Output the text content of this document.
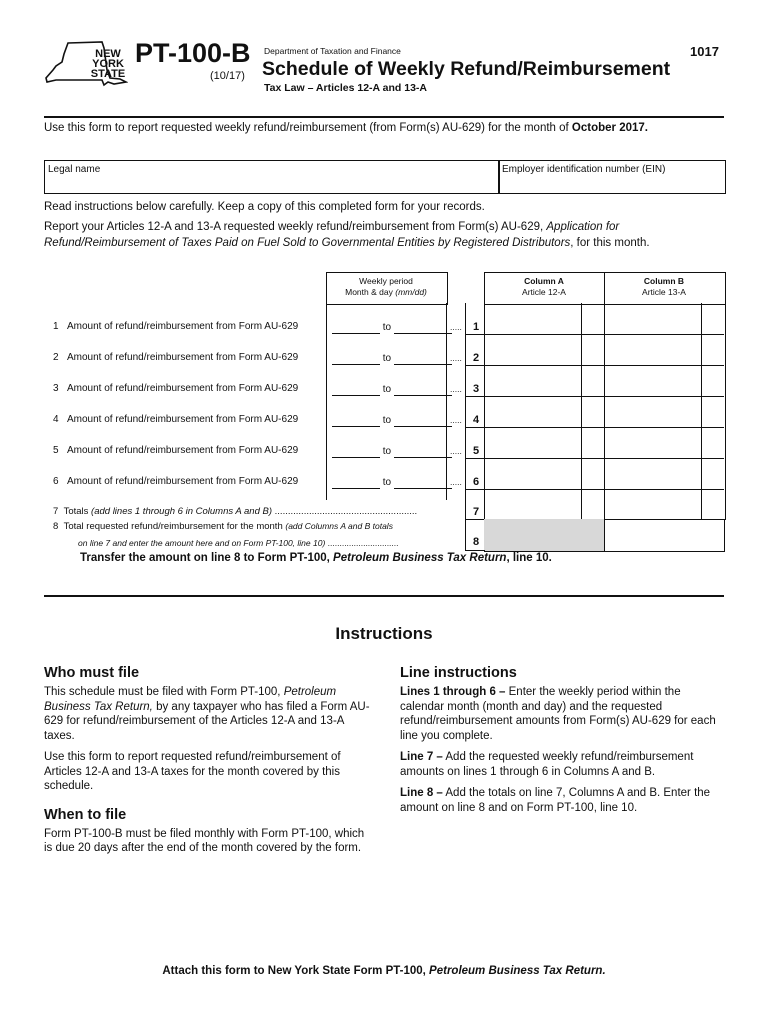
NEW
YORK
STATE
PT-100-B
(10/17)
Department of Taxation and Finance
Schedule of Weekly Refund/Reimbursement
Tax Law – Articles 12-A and 13-A
1017
Use this form to report requested weekly refund/reimbursement (from Form(s) AU-629) for the month of October 2017.
Legal name	Employer identification number (EIN)
Read instructions below carefully. Keep a copy of this completed form for your records.
Report your Articles 12-A and 13-A requested weekly refund/reimbursement from Form(s) AU-629, Application for
Refund/Reimbursement of Taxes Paid on Fuel Sold to Governmental Entities by Registered Distributors, for this month.
Weekly period
Month & day (mm/dd)
Column A
Article 12-A
Column B
Article 13-A
1 Amount of refund/reimbursement from Form AU-629	to	..... 1
2 Amount of refund/reimbursement from Form AU-629	to	..... 2
3 Amount of refund/reimbursement from Form AU-629	to	..... 3
4 Amount of refund/reimbursement from Form AU-629	to	..... 4
5 Amount of refund/reimbursement from Form AU-629	to	..... 5
6 Amount of refund/reimbursement from Form AU-629	to	..... 6
7 Totals (add lines 1 through 6 in Columns A and B) ......................................................	7
8 Total requested refund/reimbursement for the month (add Columns A and B totals
on line 7 and enter the amount here and on Form PT-100, line 10) ..............................	8
Transfer the amount on line 8 to Form PT-100, Petroleum Business Tax Return, line 10.
Instructions
Who must file
This schedule must be filed with Form PT-100, Petroleum Business Tax Return, by any taxpayer who has filed a Form AU-629 for refund/reimbursement of the Articles 12-A and 13-A taxes.
Use this form to report requested refund/reimbursement of Articles 12-A and 13-A taxes for the month covered by this schedule.
When to file
Form PT-100-B must be filed monthly with Form PT-100, which is due 20 days after the end of the month covered by the form.
Line instructions
Lines 1 through 6 – Enter the weekly period within the calendar month (month and day) and the requested refund/reimbursement amounts from Form(s) AU-629 for each line you complete.
Line 7 – Add the requested weekly refund/reimbursement amounts on lines 1 through 6 in Columns A and B.
Line 8 – Add the totals on line 7, Columns A and B. Enter the amount on line 8 and on Form PT-100, line 10.
Attach this form to New York State Form PT-100, Petroleum Business Tax Return.
